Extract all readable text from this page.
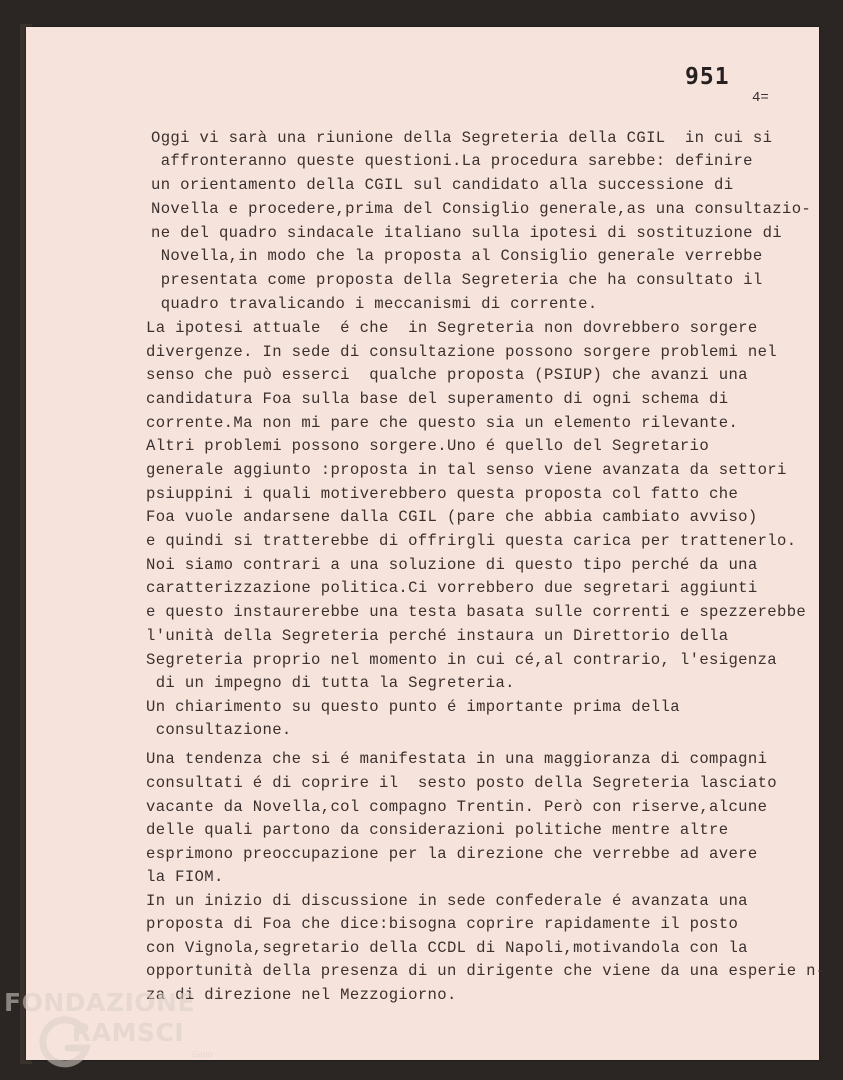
951
4=
Oggi vi sarà una riunione della Segreteria della CGIL  in cui si
affronteranno queste questioni.La procedura sarebbe: definire
un orientamento della CGIL sul candidato alla successione di
Novella e procedere,prima del Consiglio generale,as una consultazio-
ne del quadro sindacale italiano sulla ipotesi di sostituzione di
Novella,in modo che la proposta al Consiglio generale verrebbe
presentata come proposta della Segreteria che ha consultato il
quadro travalicando i meccanismi di corrente.
La ipotesi attuale  é che  in Segreteria non dovrebbero sorgere
divergenze. In sede di consultazione possono sorgere problemi nel
senso che può esserci  qualche proposta (PSIUP) che avanzi una
candidatura Foa sulla base del superamento di ogni schema di
corrente.Ma non mi pare che questo sia un elemento rilevante.
Altri problemi possono sorgere.Uno é quello del Segretario
generale aggiunto :proposta in tal senso viene avanzata da settori
psiuppini i quali motiverebbero questa proposta col fatto che
Foa vuole andarsene dalla CGIL (pare che abbia cambiato avviso)
e quindi si tratterebbe di offrirgli questa carica per trattenerlo.
Noi siamo contrari a una soluzione di questo tipo perché da una
caratterizzazione politica.Ci vorrebbero due segretari aggiunti
e questo instaurerebbe una testa basata sulle correnti e spezzerebbe
l'unità della Segreteria perché instaura un Direttorio della
Segreteria proprio nel momento in cui cé,al contrario, l'esigenza
di un impegno di tutta la Segreteria.
Un chiarimento su questo punto é importante prima della
consultazione.
Una tendenza che si é manifestata in una maggioranza di compagni
consultati é di coprire il  sesto posto della Segreteria lasciato
vacante da Novella,col compagno Trentin. Però con riserve,alcune
delle quali partono da considerazioni politiche mentre altre
esprimono preoccupazione per la direzione che verrebbe ad avere
la FIOM.
In un inizio di discussione in sede confederale é avanzata una
proposta di Foa che dice:bisogna coprire rapidamente il posto
con Vignola,segretario della CCDL di Napoli,motivandola con la
opportunità della presenza di un dirigente che viene da una esperie n-
za di direzione nel Mezzogiorno.
FONDAZIONE
RAMSCI
Gallo
